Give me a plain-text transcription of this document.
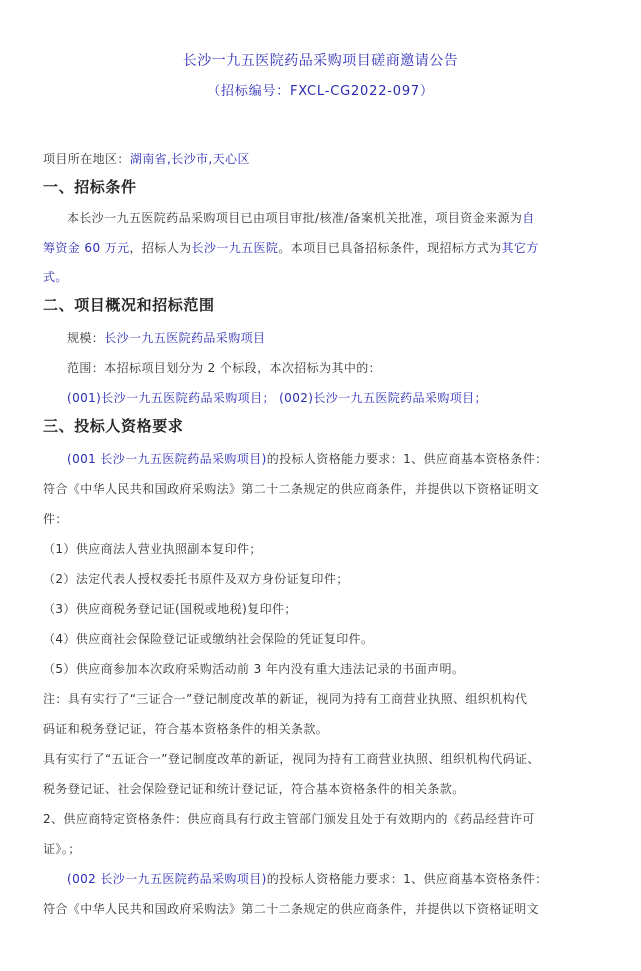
长沙一九五医院药品采购项目磋商邀请公告
（招标编号：FXCL-CG2022-097）
项目所在地区：湖南省,长沙市,天心区
一、招标条件
本长沙一九五医院药品采购项目已由项目审批/核准/备案机关批准，项目资金来源为自
筹资金 60 万元，招标人为长沙一九五医院。本项目已具备招标条件，现招标方式为其它方
式。
二、项目概况和招标范围
规模：长沙一九五医院药品采购项目
范围：本招标项目划分为 2 个标段，本次招标为其中的：
(001)长沙一九五医院药品采购项目； (002)长沙一九五医院药品采购项目；
三、投标人资格要求
(001 长沙一九五医院药品采购项目)的投标人资格能力要求：1、供应商基本资格条件：
符合《中华人民共和国政府采购法》第二十二条规定的供应商条件，并提供以下资格证明文
件：
（1）供应商法人营业执照副本复印件；
（2）法定代表人授权委托书原件及双方身份证复印件；
（3）供应商税务登记证(国税或地税)复印件；
（4）供应商社会保险登记证或缴纳社会保险的凭证复印件。
（5）供应商参加本次政府采购活动前 3 年内没有重大违法记录的书面声明。
注：具有实行了“三证合一”登记制度改革的新证，视同为持有工商营业执照、组织机构代
码证和税务登记证，符合基本资格条件的相关条款。
具有实行了“五证合一”登记制度改革的新证，视同为持有工商营业执照、组织机构代码证、
税务登记证、社会保险登记证和统计登记证，符合基本资格条件的相关条款。
2、供应商特定资格条件：供应商具有行政主管部门颁发且处于有效期内的《药品经营许可
证》。；
(002 长沙一九五医院药品采购项目)的投标人资格能力要求：1、供应商基本资格条件：
符合《中华人民共和国政府采购法》第二十二条规定的供应商条件，并提供以下资格证明文
